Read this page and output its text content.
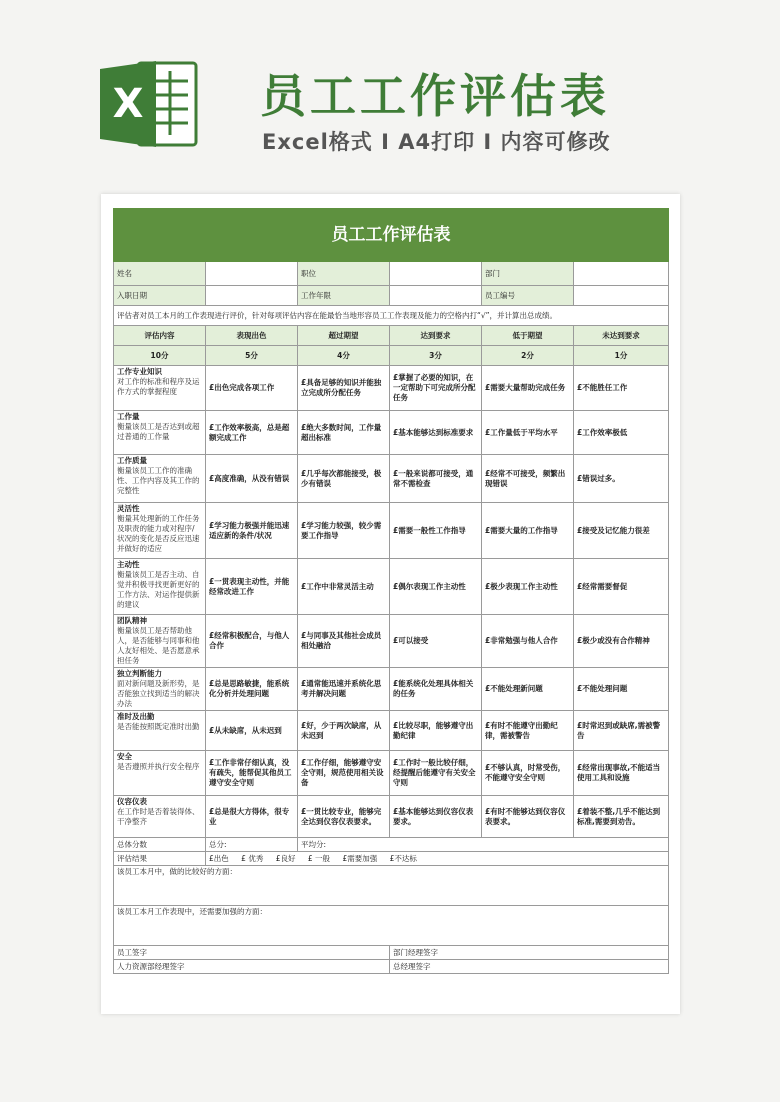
X	员工工作评估表
Excel格式 I A4打印 I 内容可修改
员工工作评估表					
姓名		职位		部门	
入职日期		工作年限		员工编号	
评估者对员工本月的工作表现进行评价，针对每项评估内容在能最恰当地形容员工工作表现及能力的空格内打“√”，并计算出总成绩。					
评估内容	表现出色	超过期望	达到要求	低于期望	未达到要求
10分	5分	4分	3分	2分	1分

工作专业知识
对工作的标准和程序及运作方式的掌握程度	£出色完成各项工作	£具备足够的知识并能独立完成所分配任务	£掌握了必要的知识，在一定帮助下可完成所分配任务	£需要大量帮助完成任务	£不能胜任工作

工作量
衡量该员工是否达到或超过普通的工作量	£工作效率极高，总是超额完成工作	£绝大多数时间，工作量超出标准	£基本能够达到标准要求	£工作量低于平均水平	£工作效率极低

工作质量
衡量该员工工作的准确性、工作内容及其工作的完整性	£高度准确，从没有错误	£几乎每次都能接受，极少有错误	£一般来说都可接受，通常不需检查	£经常不可接受，频繁出现错误	£错误过多。

灵活性
衡量其处理新的工作任务及职责的能力或对程序/状况的变化是否反应迅速并做好的适应	£学习能力极强并能迅速适应新的条件/状况	£学习能力较强，较少需要工作指导	£需要一般性工作指导	£需要大量的工作指导	£接受及记忆能力很差

主动性
衡量该员工是否主动、自觉并积极寻找更新更好的工作方法、对运作提供新的建议	£一贯表现主动性，并能经常改进工作	£工作中非常灵活主动	£偶尔表现工作主动性	£极少表现工作主动性	£经常需要督促

团队精神
衡量该员工是否帮助他人，是否能够与同事和他人友好相处、是否愿意承担任务	£经常积极配合，与他人合作	£与同事及其他社会成员相处融洽	£可以接受	£非常勉强与他人合作	£极少或没有合作精神

独立判断能力
面对新问题及新形势，是否能独立找到适当的解决办法	£总是思路敏捷，能系统化分析并处理问题	£通常能迅速并系统化思考并解决问题	£能系统化处理具体相关的任务	£不能处理新问题	£不能处理问题

准时及出勤
是否能按照既定准时出勤	£从未缺席，从未迟到	£好，少于两次缺席，从未迟到	£比较尽职，能够遵守出勤纪律	£有时不能遵守出勤纪律，需被警告	£时常迟到或缺席,需被警告

安全
是否遵照并执行安全程序	£工作非常仔细认真，没有疏失，能帮促其他员工遵守安全守则	£工作仔细，能够遵守安全守则，规范使用相关设备	£工作时一般比较仔细，经提醒后能遵守有关安全守则	£不够认真，时常受伤，不能遵守安全守则	£经常出现事故,不能适当使用工具和设施

仪容仪表
在工作时是否着装得体、干净整齐	£总是很大方得体，很专业	£一贯比较专业，能够完全达到仪容仪表要求。	£基本能够达到仪容仪表要求。	£有时不能够达到仪容仪表要求。	£着装不整,几乎不能达到标准,需要到劝告。
总体分数	总分:	平均分:			
评估结果	£出色 £ 优秀 £良好 £ 一般 £需要加强 £不达标				
该员工本月中，做的比较好的方面：					
该员工本月工作表现中，还需要加强的方面：					
员工签字			部门经理签字		
人力资源部经理签字			总经理签字		
